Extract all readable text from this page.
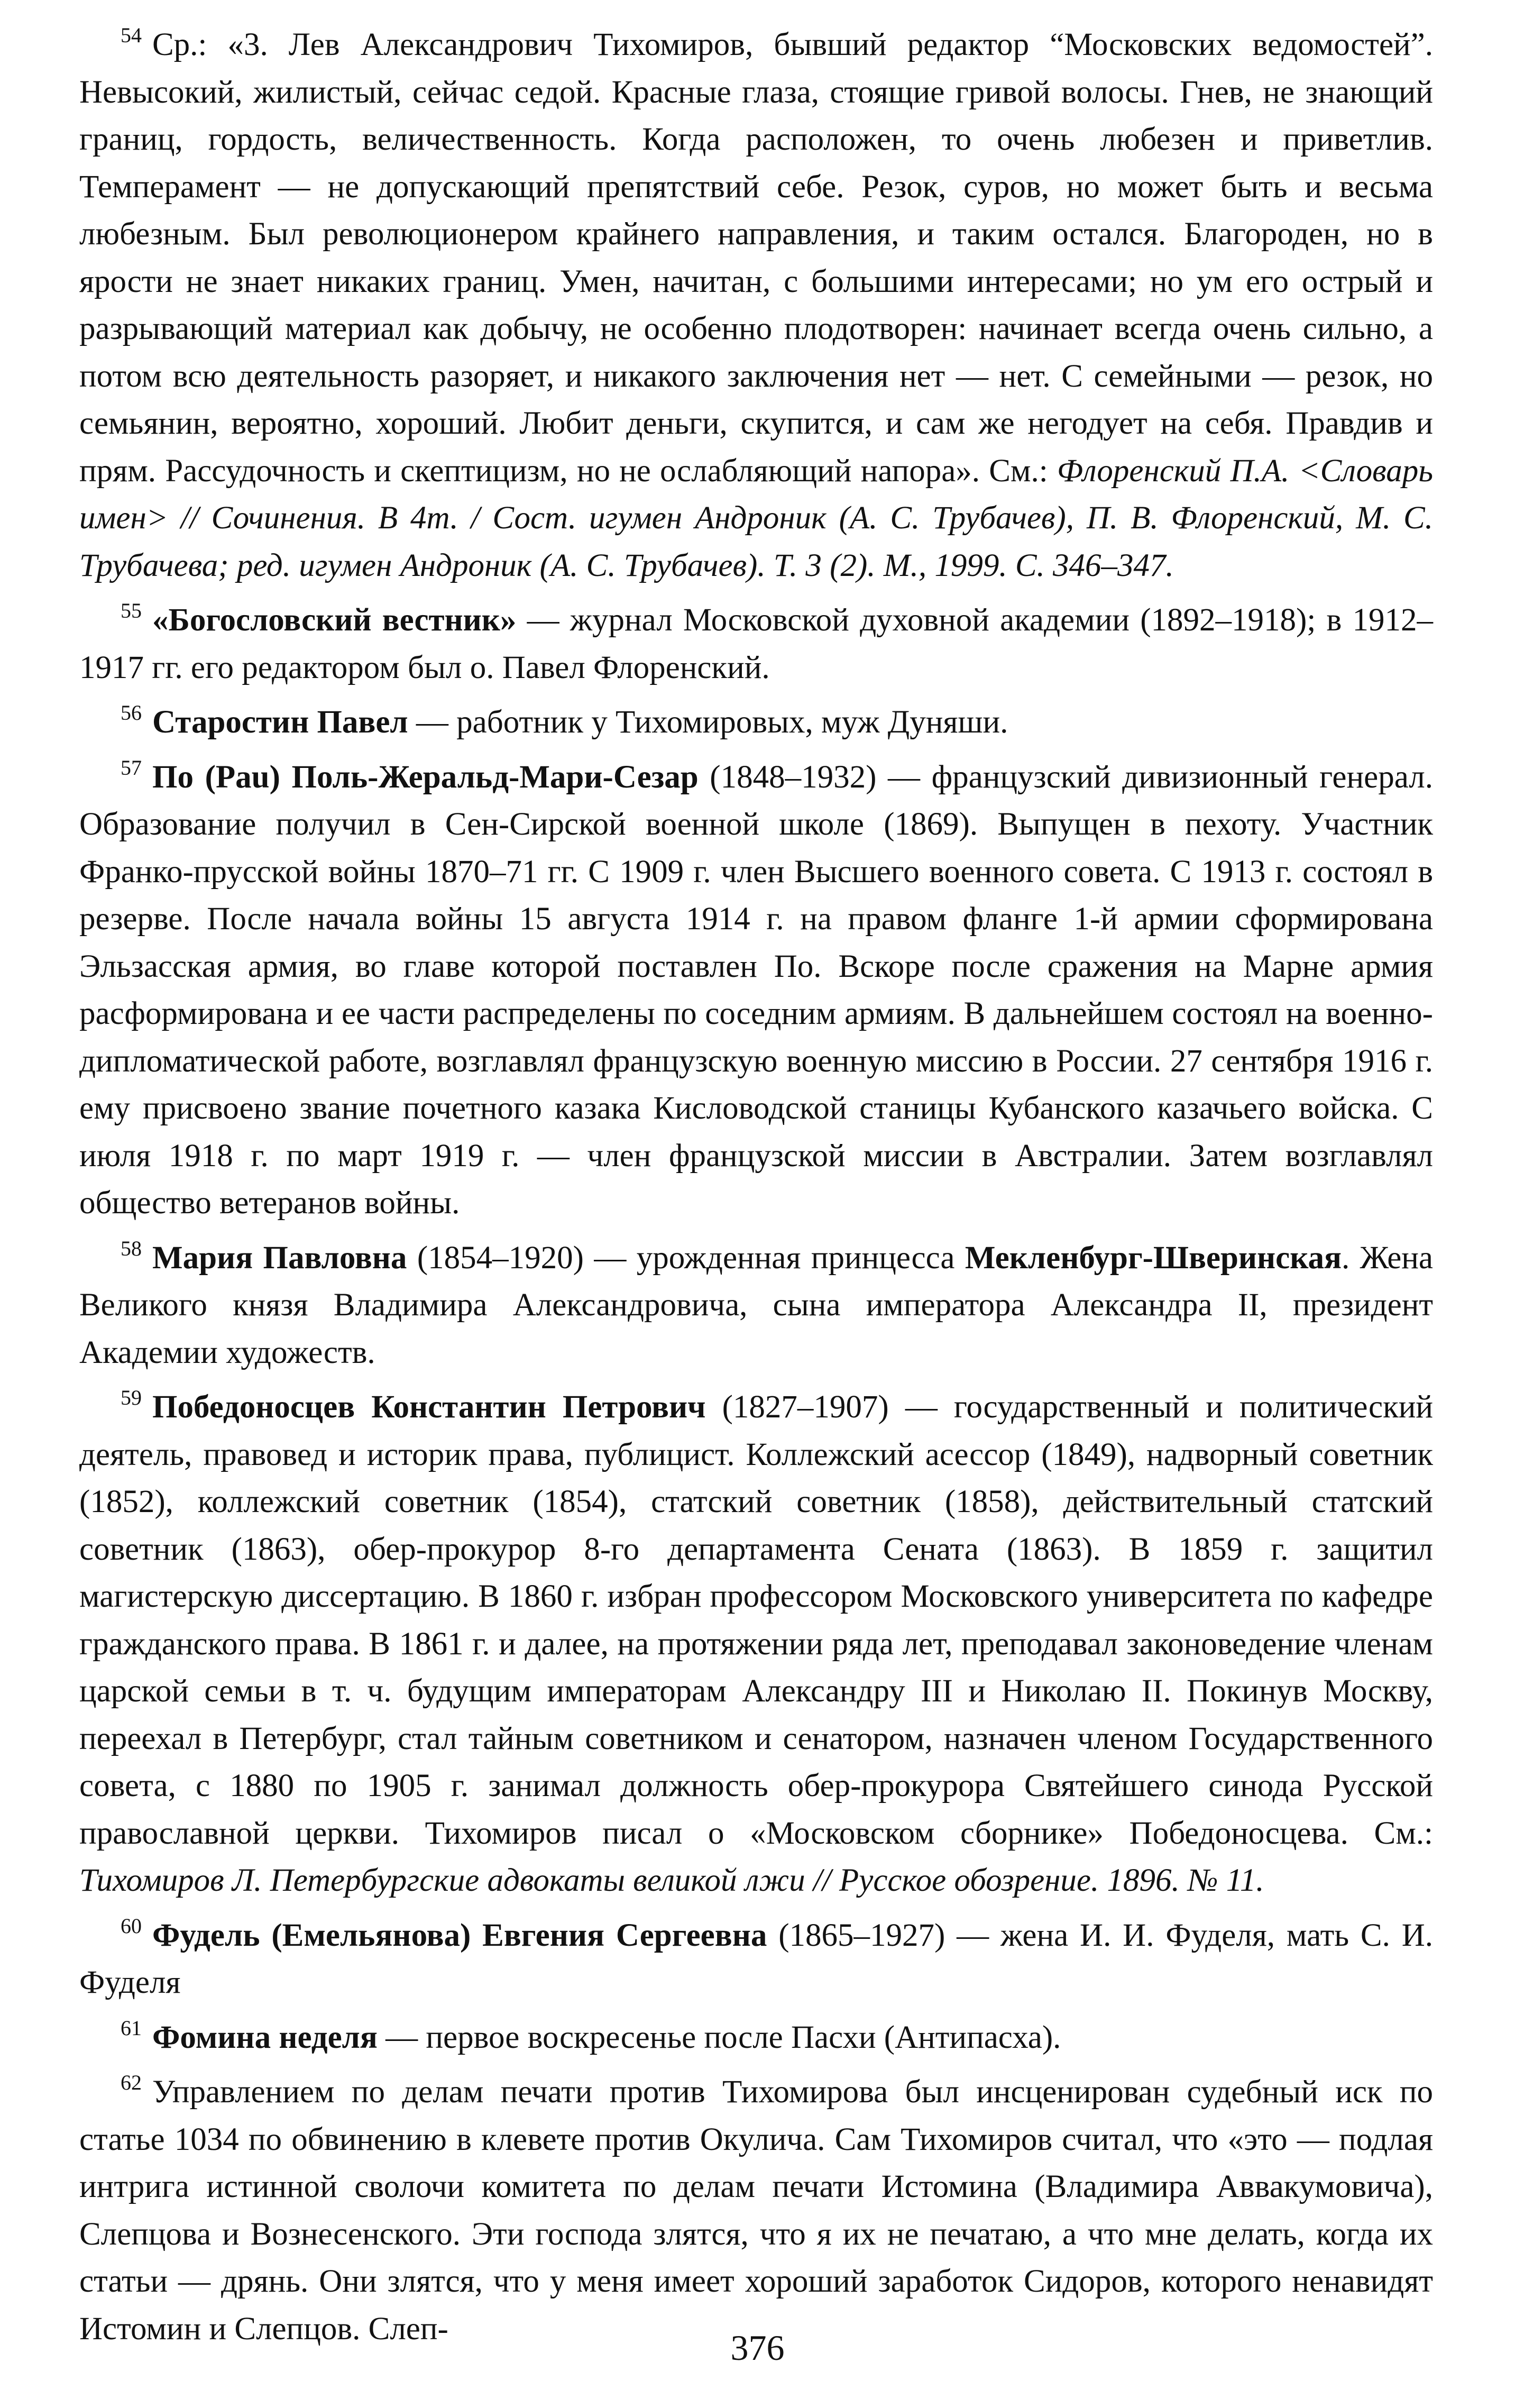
$^{54}$ Ср.: «3. Лев Александрович Тихомиров, бывший редактор “Московских ведомостей”. Невысокий, жилистый, сейчас седой. Красные глаза, стоящие гривой волосы. Гнев, не знающий границ, гордость, величественность. Когда расположен, то очень любезен и приветлив. Темперамент — не допускающий препятствий себе. Резок, суров, но может быть и весьма любезным. Был революционером крайнего направления, и таким остался. Благороден, но в ярости не знает никаких границ. Умен, начитан, с большими интересами; но ум его острый и разрывающий материал как добычу, не особенно плодотворен: начинает всегда очень сильно, а потом всю деятельность разоряет, и никакого заключения нет — нет. С семейными — резок, но семьянин, вероятно, хороший. Любит деньги, скупится, и сам же негодует на себя. Правдив и прям. Рассудочность и скептицизм, но не ослабляющий напора». См.: Флоренский П.А. <Словарь имен> // Сочинения. В 4т. / Сост. игумен Андроник (А. С. Трубачев), П. В. Флоренский, М. С. Трубачева; ред. игумен Андроник (А. С. Трубачев). Т. 3 (2). М., 1999. С. 346–347.

$^{55}$ «Богословский вестник» — журнал Московской духовной академии (1892–1918); в 1912–1917 гг. его редактором был о. Павел Флоренский.

$^{56}$ Старостин Павел — работник у Тихомировых, муж Дуняши.

$^{57}$ По (Pau) Поль-Жеральд-Мари-Сезар (1848–1932) — французский дивизионный генерал. Образование получил в Сен-Сирской военной школе (1869). Выпущен в пехоту. Участник Франко-прусской войны 1870–71 гг. С 1909 г. член Высшего военного совета. С 1913 г. состоял в резерве. После начала войны 15 августа 1914 г. на правом фланге 1-й армии сформирована Эльзасская армия, во главе которой поставлен По. Вскоре после сражения на Марне армия расформирована и ее части распределены по соседним армиям. В дальнейшем состоял на военно-дипломатической работе, возглавлял французскую военную миссию в России. 27 сентября 1916 г. ему присвоено звание почетного казака Кисловодской станицы Кубанского казачьего войска. С июля 1918 г. по март 1919 г. — член французской миссии в Австралии. Затем возглавлял общество ветеранов войны.

$^{58}$ Мария Павловна (1854–1920) — урожденная принцесса Мекленбург-Шверинская. Жена Великого князя Владимира Александровича, сына императора Александра II, президент Академии художеств.

$^{59}$ Победоносцев Константин Петрович (1827–1907) — государственный и политический деятель, правовед и историк права, публицист. Коллежский асессор (1849), надворный советник (1852), коллежский советник (1854), статский советник (1858), действительный статский советник (1863), обер-прокурор 8-го департамента Сената (1863). В 1859 г. защитил магистерскую диссертацию. В 1860 г. избран профессором Московского университета по кафедре гражданского права. В 1861 г. и далее, на протяжении ряда лет, преподавал законоведение членам царской семьи в т. ч. будущим императорам Александру III и Николаю II. Покинув Москву, переехал в Петербург, стал тайным советником и сенатором, назначен членом Государственного совета, с 1880 по 1905 г. занимал должность обер-прокурора Святейшего синода Русской православной церкви. Тихомиров писал о «Московском сборнике» Победоносцева. См.: Тихомиров Л. Петербургские адвокаты великой лжи // Русское обозрение. 1896. № 11.

$^{60}$ Фудель (Емельянова) Евгения Сергеевна (1865–1927) — жена И. И. Фуделя, мать С. И. Фуделя

$^{61}$ Фомина неделя — первое воскресенье после Пасхи (Антипасха).

$^{62}$ Управлением по делам печати против Тихомирова был инсценирован судебный иск по статье 1034 по обвинению в клевете против Окулича. Сам Тихомиров считал, что «это — подлая интрига истинной сволочи комитета по делам печати Истомина (Владимира Аввакумовича), Слепцова и Вознесенского. Эти господа злятся, что я их не печатаю, а что мне делать, когда их статьи — дрянь. Они злятся, что у меня имеет хороший заработок Сидоров, которого ненавидят Истомин и Слепцов. Слеп-	376
